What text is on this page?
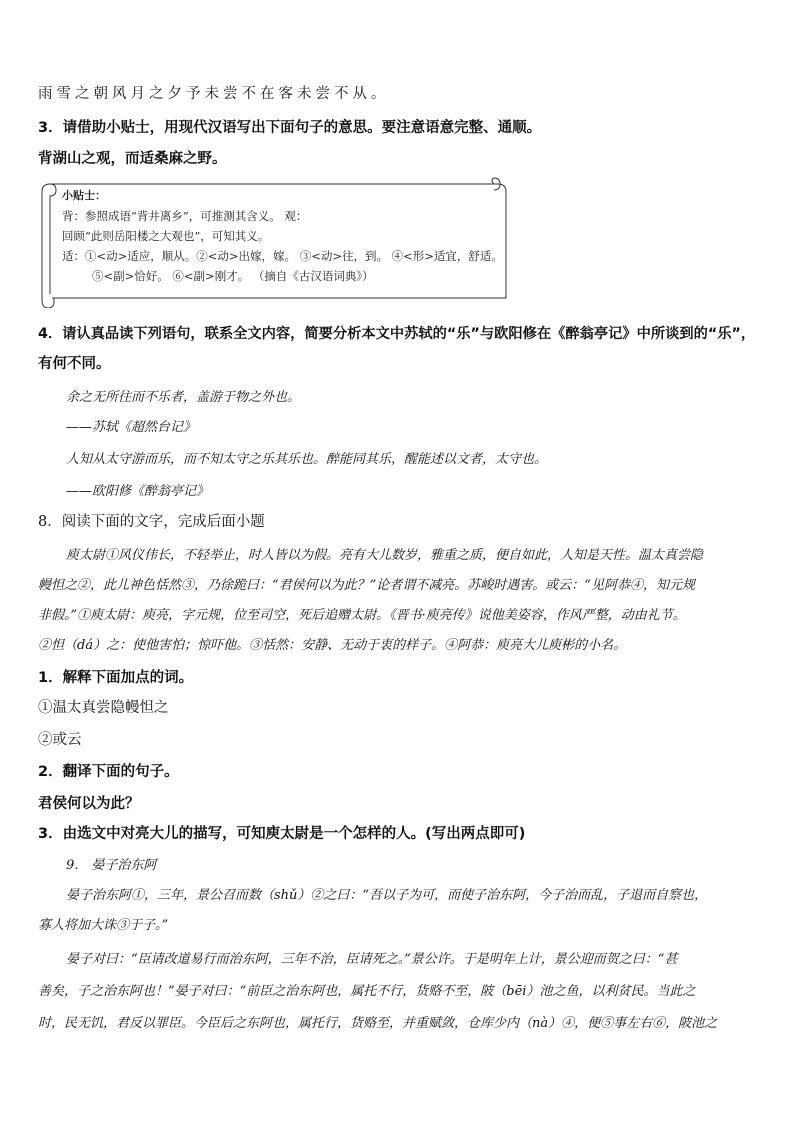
雨雪之朝风月之夕予未尝不在客未尝不从。
3．请借助小贴士，用现代汉语写出下面句子的意思。要注意语意完整、通顺。
背湖山之观，而适桑麻之野。
小贴士：
背：参照成语“背井离乡”，可推测其含义。 观：
回顾“此则岳阳楼之大观也”，可知其义。
适：①<动>适应，顺从。②<动>出嫁，嫁。 ③<动>往，到。 ④<形>适宜，舒适。
⑤<副>恰好。 ⑥<副>刚才。 （摘自《古汉语词典》）
4．请认真品读下列语句，联系全文内容，简要分析本文中苏轼的“乐”与欧阳修在《醉翁亭记》中所谈到的“乐”，
有何不同。
余之无所往而不乐者，盖游于物之外也。
——苏轼《超然台记》
人知从太守游而乐，而不知太守之乐其乐也。醉能同其乐，醒能述以文者，太守也。
——欧阳修《醉翁亭记》
8．阅读下面的文字，完成后面小题
庾太尉①风仪伟长，不轻举止，时人皆以为假。亮有大儿数岁，雅重之质，便自如此，人知是天性。温太真尝隐
幔怛之②，此儿神色恬然③，乃徐跪曰：“君侯何以为此？”论者谓不减亮。苏峻时遇害。或云：“见阿恭④，知元规
非假。”①庾太尉：庾亮，字元规，位至司空，死后追赠太尉。《晋书·庾亮传》说他美姿容，作风严整，动由礼节。
②怛（dá）之：使他害怕；惊吓他。③恬然：安静、无动于衷的样子。④阿恭：庾亮大儿庾彬的小名。
1．解释下面加点的词。
①温太真尝隐幔怛之
②或云
2．翻译下面的句子。
君侯何以为此？
3．由选文中对亮大儿的描写，可知庾太尉是一个怎样的人。(写出两点即可)
9． 晏子治东阿
晏子治东阿①，三年，景公召而数（shǔ）②之曰：“吾以子为可，而使子治东阿，今子治而乱，子退而自察也，
寡人将加大诛③于子。”
晏子对曰：“臣请改道易行而治东阿，三年不治，臣请死之。”景公许。于是明年上计，景公迎而贺之曰：“甚
善矣，子之治东阿也！”晏子对曰：“前臣之治东阿也，属托不行，货赂不至，陂（bēi）池之鱼，以利贫民。当此之
时，民无饥，君反以罪臣。今臣后之东阿也，属托行，货赂至，并重赋敛，仓库少内（nà）④，便⑤事左右⑥，陂池之
